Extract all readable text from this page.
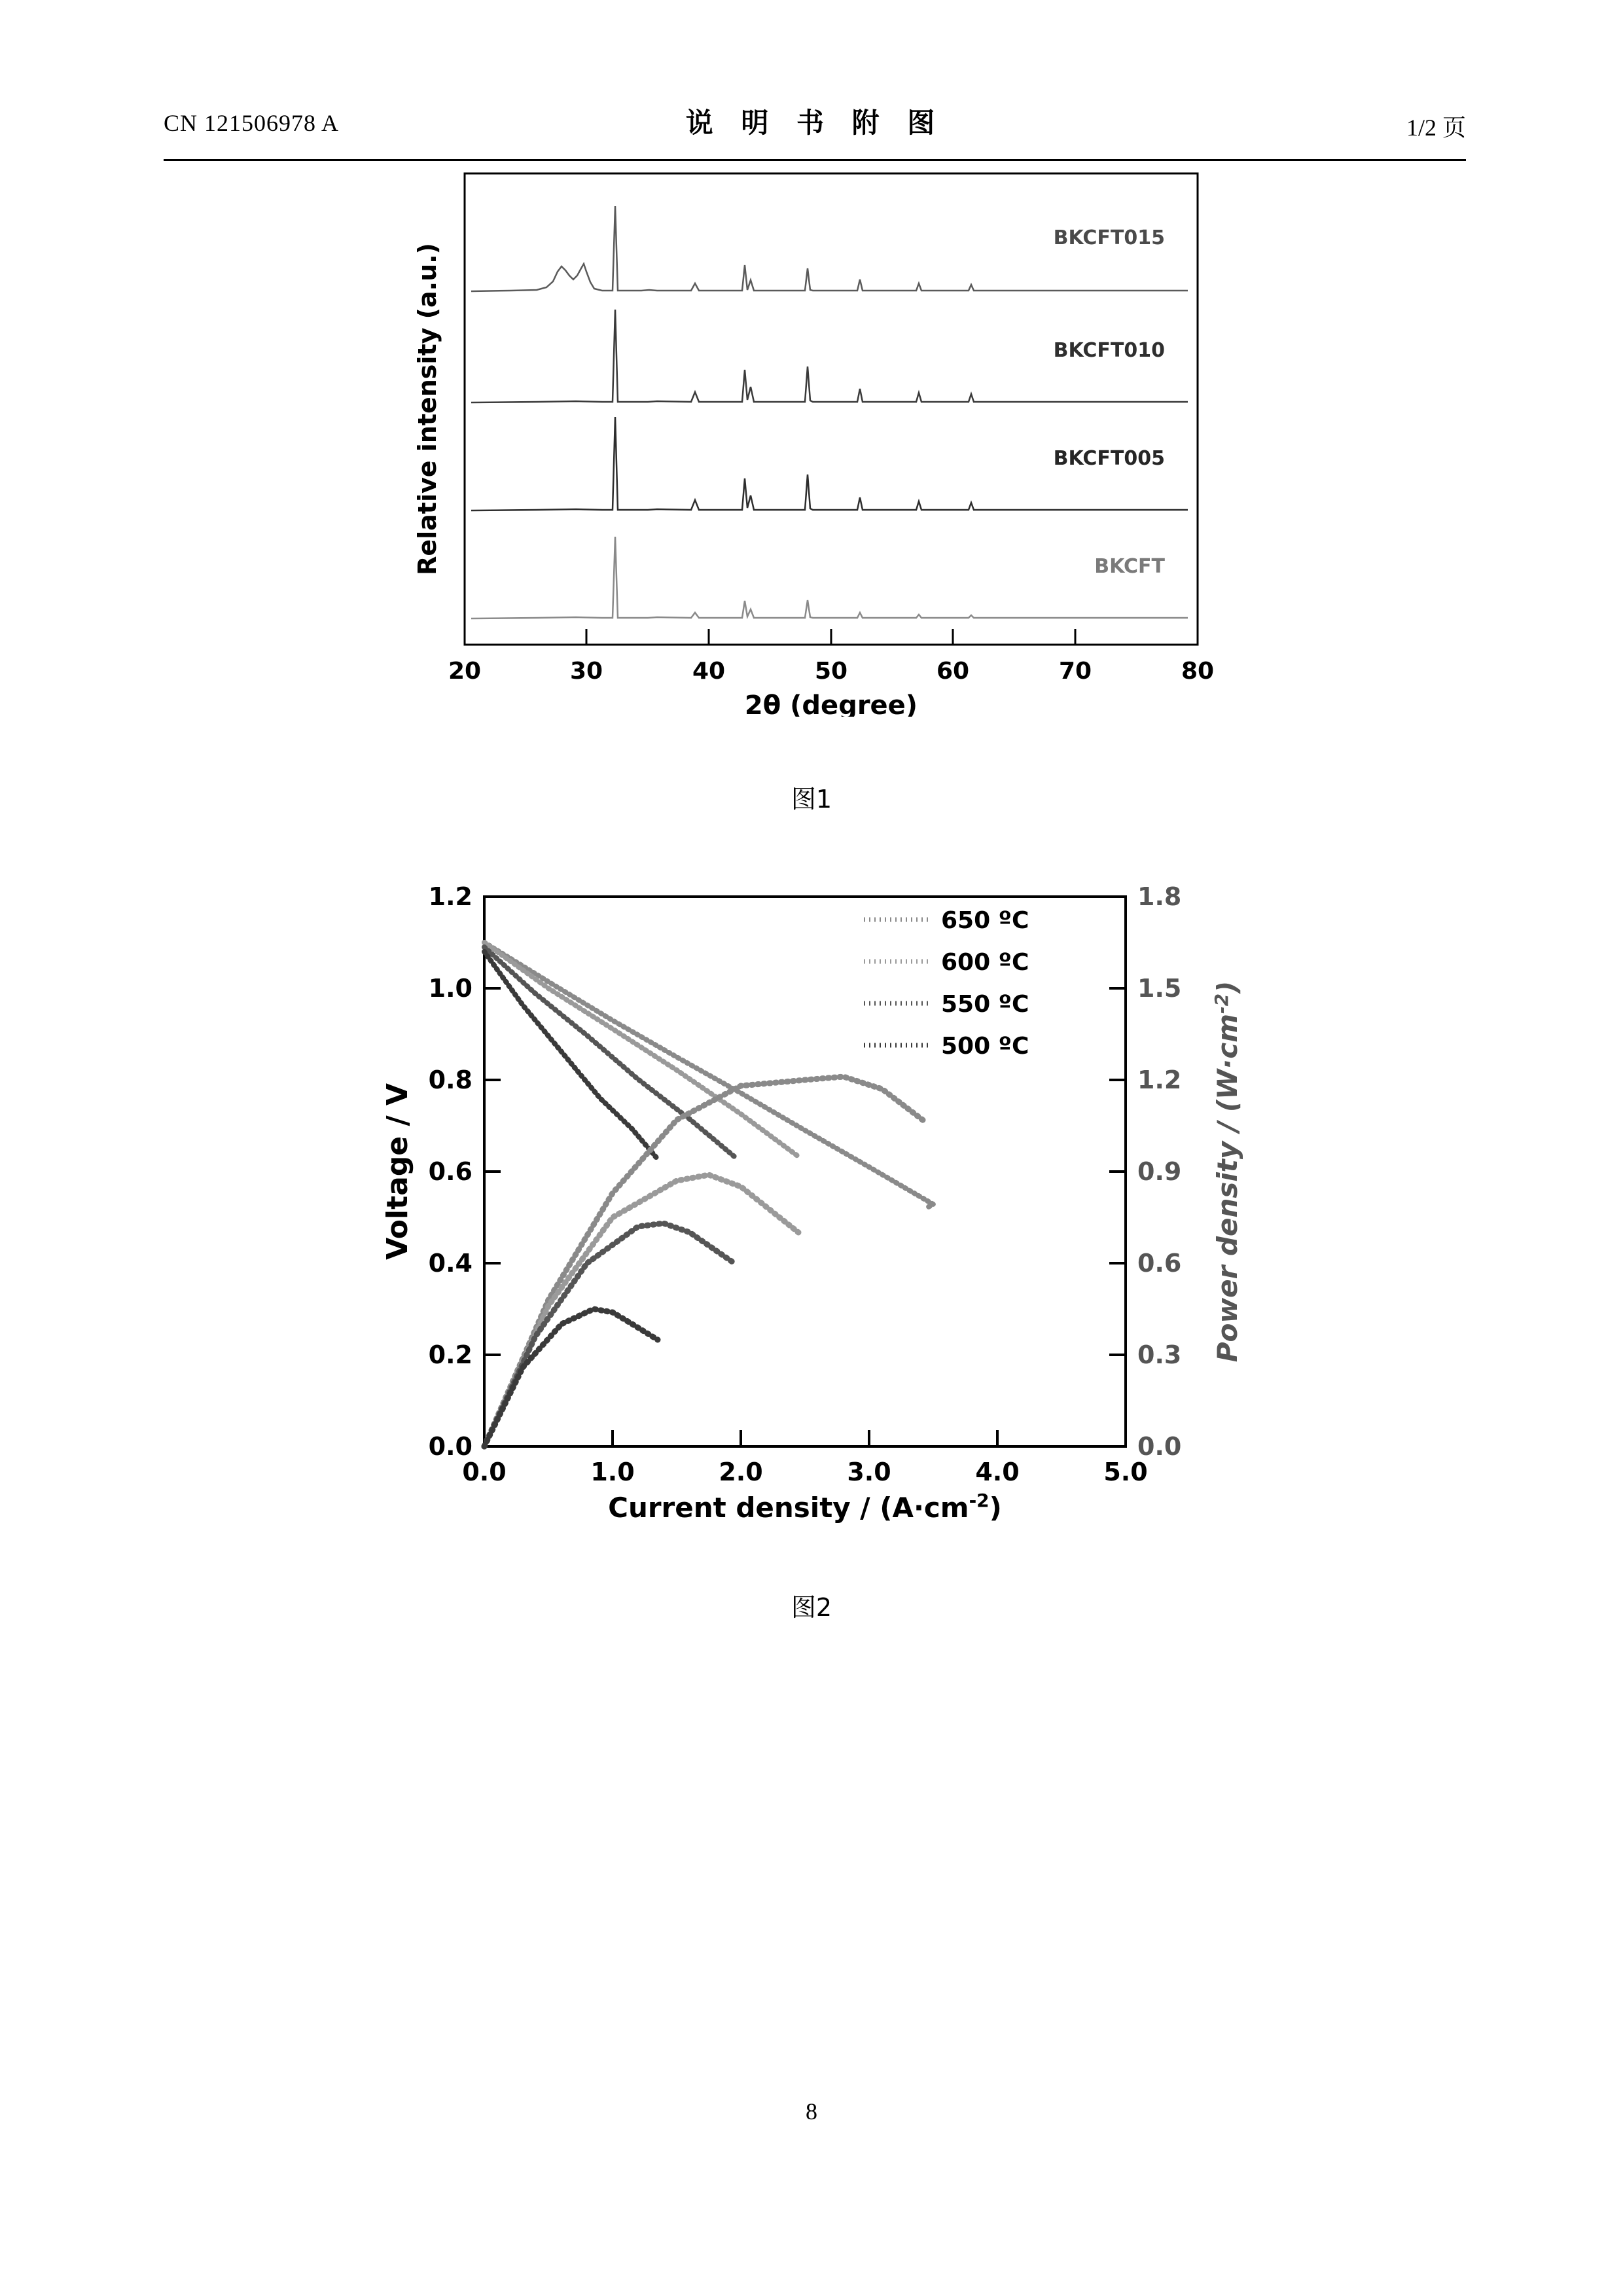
CN 121506978 A	说 明 书 附 图	1/2 页
20	30	40	50	60	70	80
2θ (degree)
Relative intensity (a.u.)
BKCFT015
BKCFT010
BKCFT005
BKCFT
图1
0.0	1.0	2.0	3.0	4.0	5.0
Current density / $(A\cdot cm^{-2})$
0.0
0.2
0.4
0.6
0.8
1.0
1.2
Voltage / V
0.0
0.3
0.6
0.9
1.2
1.5
1.8
Power density / $(W\cdot cm^{-2})$
650 ºC
600 ºC
550 ºC
500 ºC
图2
8
